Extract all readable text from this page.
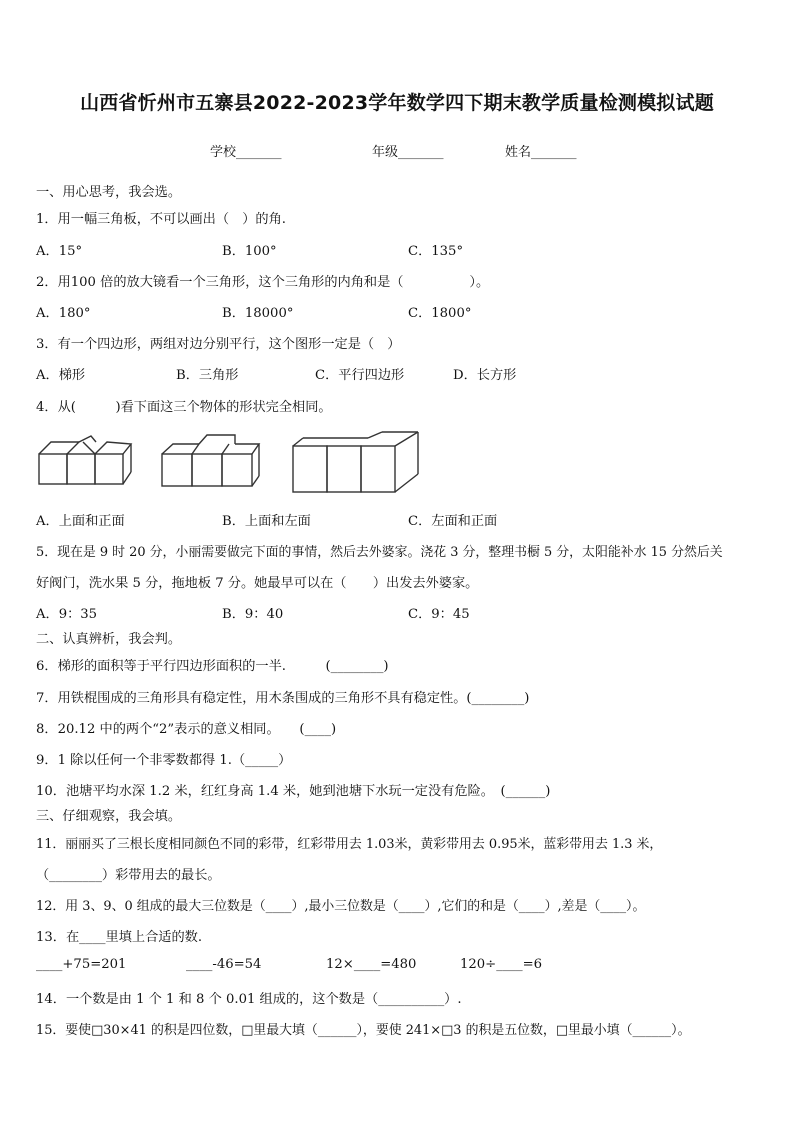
山西省忻州市五寨县2022-2023学年数学四下期末教学质量检测模拟试题
学校_______	年级_______	姓名_______
一、用心思考，我会选。
1．用一幅三角板，不可以画出（　）的角.
A．15°	B．100°	C．135°
2．用100 倍的放大镜看一个三角形，这个三角形的内角和是（　　　　　）。
A．180°	B．18000°	C．1800°
3．有一个四边形，两组对边分别平行，这个图形一定是（　）
A．梯形	B．三角形	C．平行四边形	D．长方形
4．从(　　　)看下面这三个物体的形状完全相同。
A．上面和正面	B．上面和左面	C．左面和正面
5．现在是 9 时 20 分，小丽需要做完下面的事情，然后去外婆家。浇花 3 分，整理书橱 5 分，太阳能补水 15 分然后关
好阀门，洗水果 5 分，拖地板 7 分。她最早可以在（　　）出发去外婆家。
A．9：35	B．9：40	C．9：45
二、认真辨析，我会判。
6．梯形的面积等于平行四边形面积的一半.　　　(________)
7．用铁棍围成的三角形具有稳定性，用木条围成的三角形不具有稳定性。(________)
8．20.12 中的两个“2”表示的意义相同。　　(____)
9．1 除以任何一个非零数都得 1.（_____）
10．池塘平均水深 1.2 米，红红身高 1.4 米，她到池塘下水玩一定没有危险。　(______)
三、仔细观察，我会填。
11．丽丽买了三根长度相同颜色不同的彩带，红彩带用去 1.03米，黄彩带用去 0.95米，蓝彩带用去 1.3 米，
（________）彩带用去的最长。
12．用 3、9、0 组成的最大三位数是（____）,最小三位数是（____）,它们的和是（____）,差是（____）。
13．在____里填上合适的数.
____+75=201	____-46=54	12×____=480	120÷____=6
14．一个数是由 1 个 1 和 8 个 0.01 组成的，这个数是（__________）.
15．要使□30×41 的积是四位数，□里最大填（______），要使 241×□3 的积是五位数，□里最小填（______）。
